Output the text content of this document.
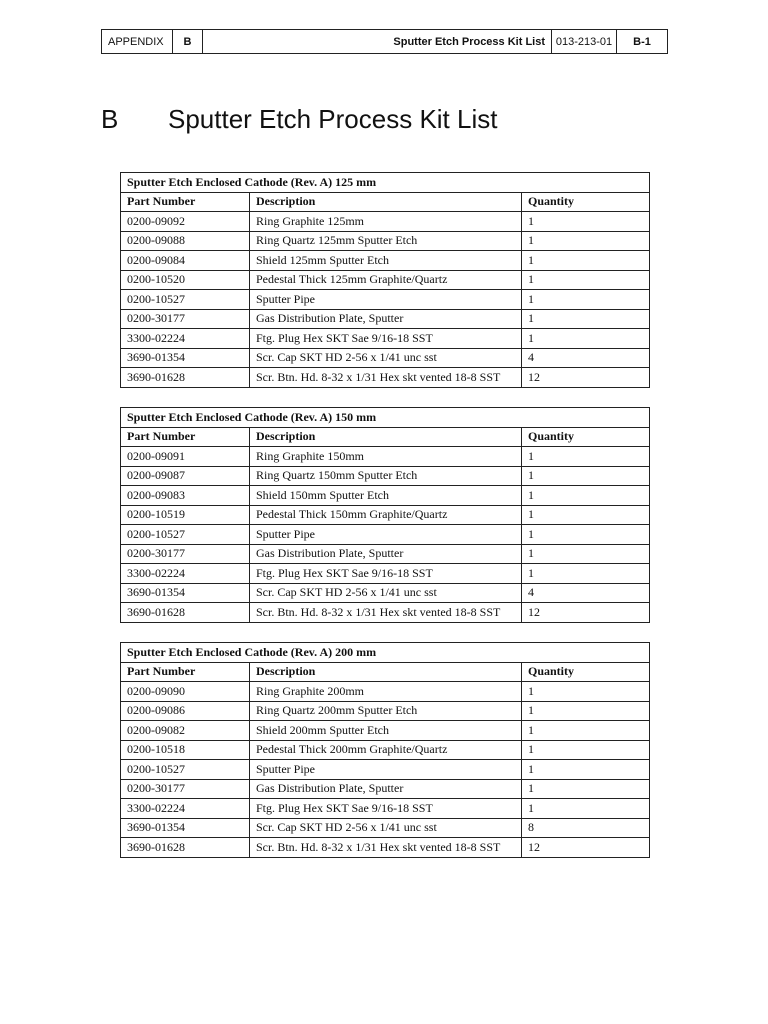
APPENDIX	B	Sputter Etch Process Kit List 013-213-01	B-1
B	Sputter Etch Process Kit List
Sputter Etch Enclosed Cathode (Rev. A) 125 mm		
Part Number	Description	Quantity
0200-09092	Ring Graphite 125mm	1
0200-09088	Ring Quartz 125mm Sputter Etch	1
0200-09084	Shield 125mm Sputter Etch	1
0200-10520	Pedestal Thick 125mm Graphite/Quartz	1
0200-10527	Sputter Pipe	1
0200-30177	Gas Distribution Plate, Sputter	1
3300-02224	Ftg. Plug Hex SKT Sae 9/16-18 SST	1
3690-01354	Scr. Cap SKT HD 2-56 x 1/41 unc sst	4
3690-01628	Scr. Btn. Hd. 8-32 x 1/31 Hex skt vented 18-8 SST	12
Sputter Etch Enclosed Cathode (Rev. A) 150 mm		
Part Number	Description	Quantity
0200-09091	Ring Graphite 150mm	1
0200-09087	Ring Quartz 150mm Sputter Etch	1
0200-09083	Shield 150mm Sputter Etch	1
0200-10519	Pedestal Thick 150mm Graphite/Quartz	1
0200-10527	Sputter Pipe	1
0200-30177	Gas Distribution Plate, Sputter	1
3300-02224	Ftg. Plug Hex SKT Sae 9/16-18 SST	1
3690-01354	Scr. Cap SKT HD 2-56 x 1/41 unc sst	4
3690-01628	Scr. Btn. Hd. 8-32 x 1/31 Hex skt vented 18-8 SST	12
Sputter Etch Enclosed Cathode (Rev. A) 200 mm		
Part Number	Description	Quantity
0200-09090	Ring Graphite 200mm	1
0200-09086	Ring Quartz 200mm Sputter Etch	1
0200-09082	Shield 200mm Sputter Etch	1
0200-10518	Pedestal Thick 200mm Graphite/Quartz	1
0200-10527	Sputter Pipe	1
0200-30177	Gas Distribution Plate, Sputter	1
3300-02224	Ftg. Plug Hex SKT Sae 9/16-18 SST	1
3690-01354	Scr. Cap SKT HD 2-56 x 1/41 unc sst	8
3690-01628	Scr. Btn. Hd. 8-32 x 1/31 Hex skt vented 18-8 SST	12
